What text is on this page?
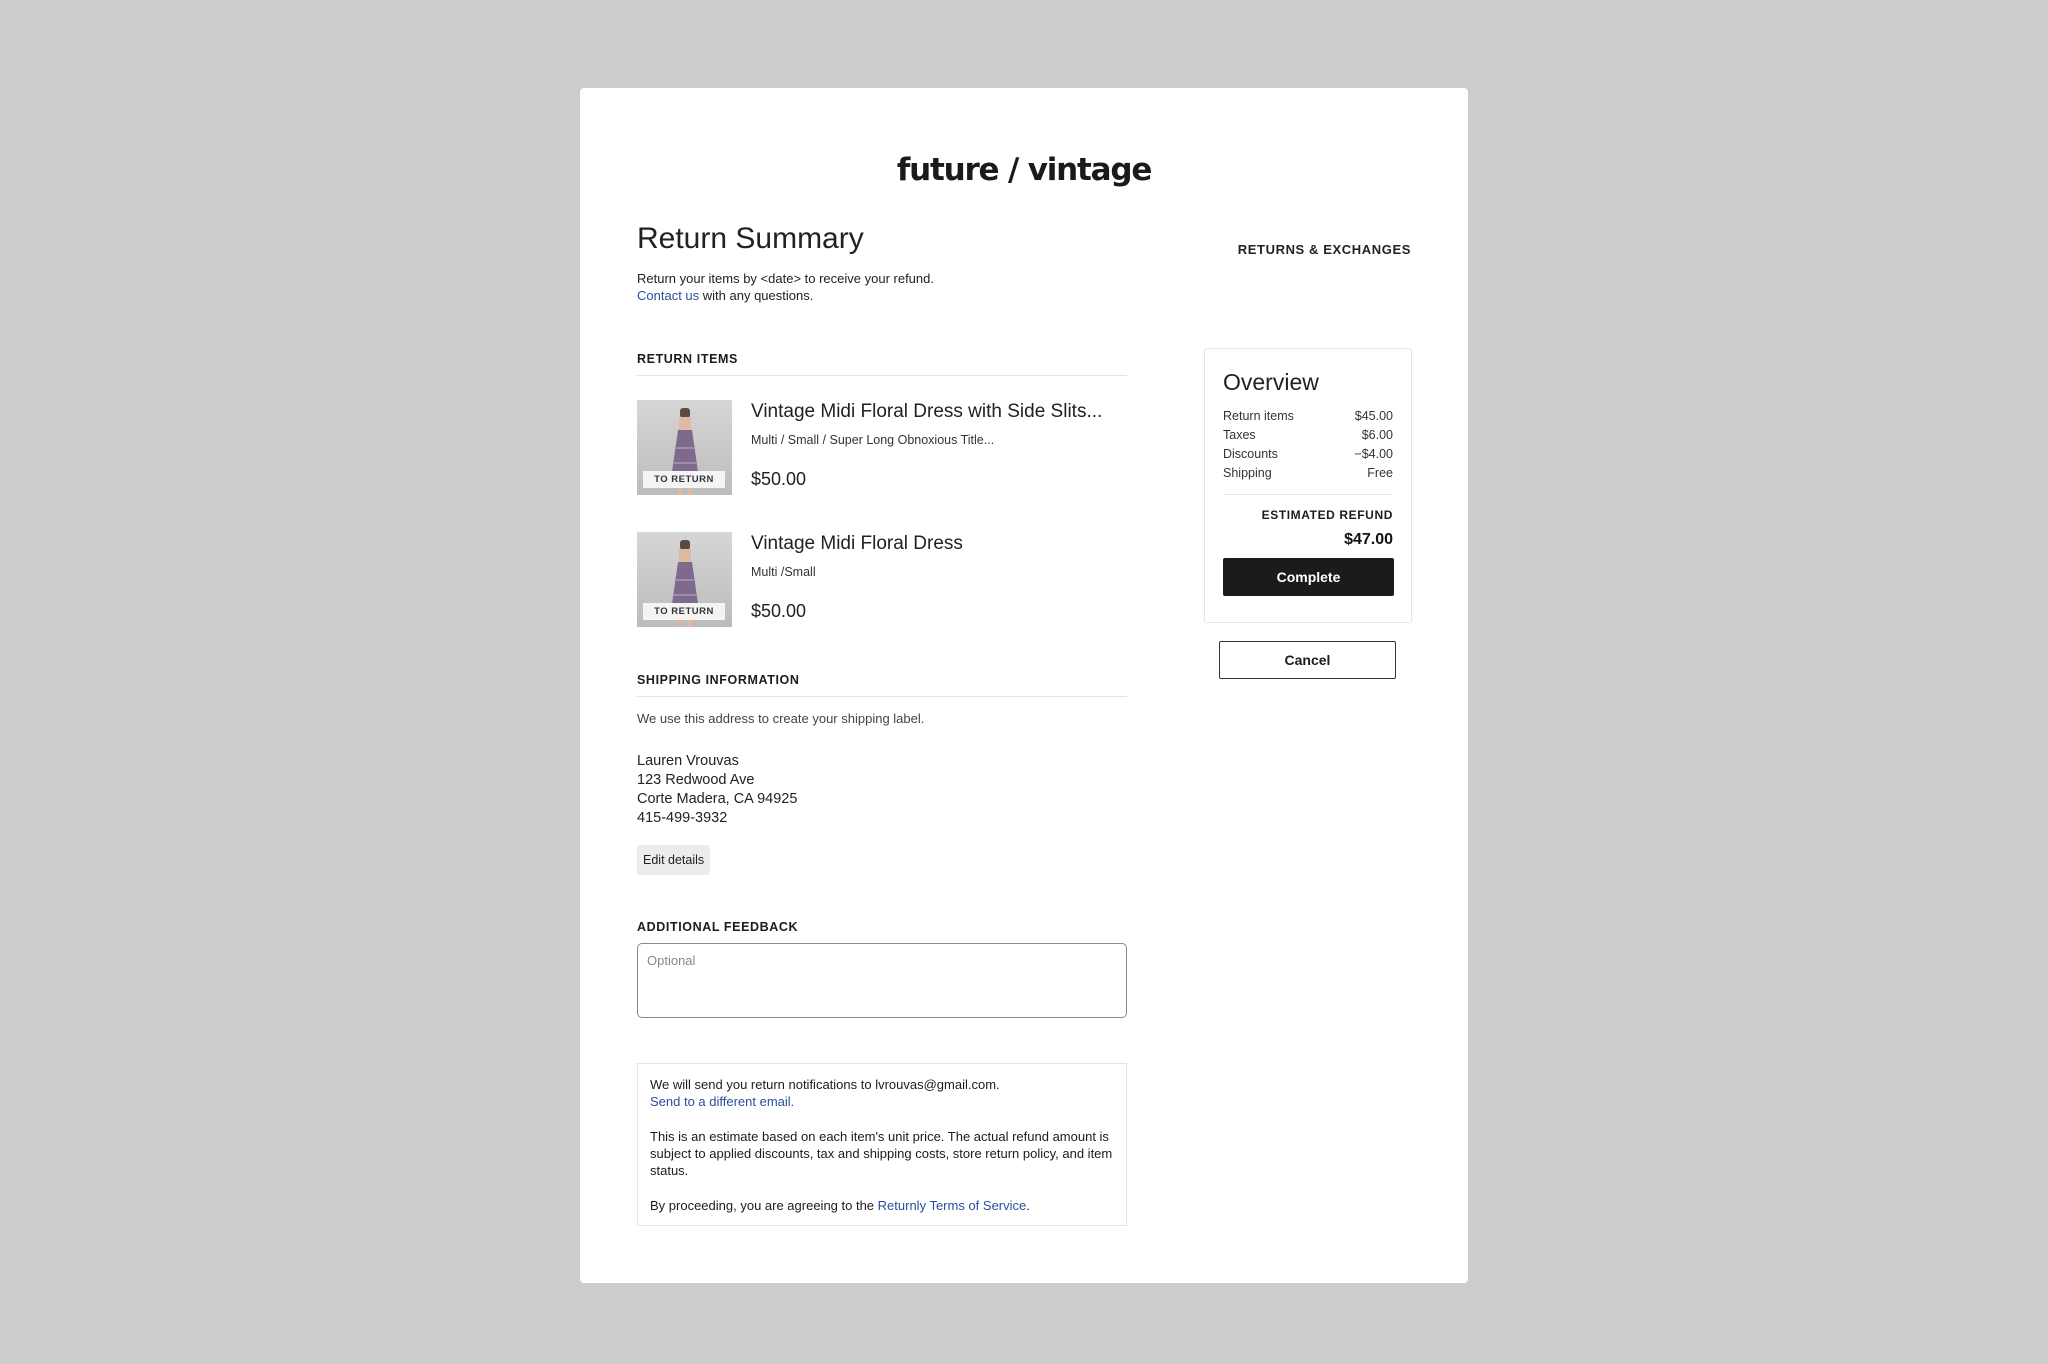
future / vintage
Return Summary	RETURNS & EXCHANGES
Return your items by <date> to receive your refund.
Contact us with any questions.
RETURN ITEMS
TO RETURN
Vintage Midi Floral Dress with Side Slits...
Multi / Small / Super Long Obnoxious Title...
$50.00
TO RETURN
Vintage Midi Floral Dress
Multi /Small
$50.00
SHIPPING INFORMATION
We use this address to create your shipping label.
Lauren Vrouvas
123 Redwood Ave
Corte Madera, CA 94925
415-499-3932
Edit details
ADDITIONAL FEEDBACK
Optional

We will send you return notifications to lvrouvas@gmail.com.
Send to a different email.

This is an estimate based on each item's unit price. The actual refund amount is subject to applied discounts, tax and shipping costs, store return policy, and item status.

By proceeding, you are agreeing to the Returnly Terms of Service.

Overview
Return items	$45.00
Taxes	$6.00
Discounts	−$4.00
Shipping	Free
ESTIMATED REFUND
$47.00
Complete
Cancel
